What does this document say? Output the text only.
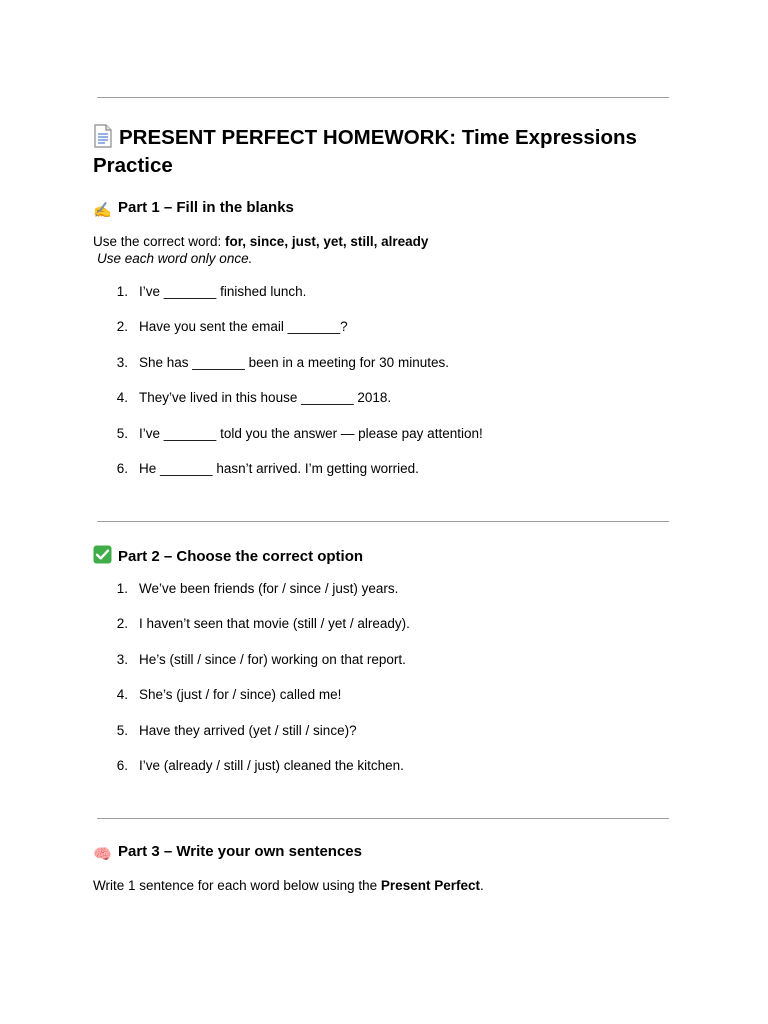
PRESENT PERFECT HOMEWORK: Time Expressions Practice
✍️ Part 1 – Fill in the blanks

Use the correct word: for, since, just, yet, still, already
Use each word only once.

1. I’ve _______ finished lunch.
2. Have you sent the email _______?
3. She has _______ been in a meeting for 30 minutes.
4. They’ve lived in this house _______ 2018.
5. I’ve _______ told you the answer — please pay attention!
6. He _______ hasn’t arrived. I’m getting worried.
Part 2 – Choose the correct option
1. We’ve been friends (for / since / just) years.
2. I haven’t seen that movie (still / yet / already).
3. He’s (still / since / for) working on that report.
4. She’s (just / for / since) called me!
5. Have they arrived (yet / still / since)?
6. I’ve (already / still / just) cleaned the kitchen.
🧠 Part 3 – Write your own sentences

Write 1 sentence for each word below using the Present Perfect.
